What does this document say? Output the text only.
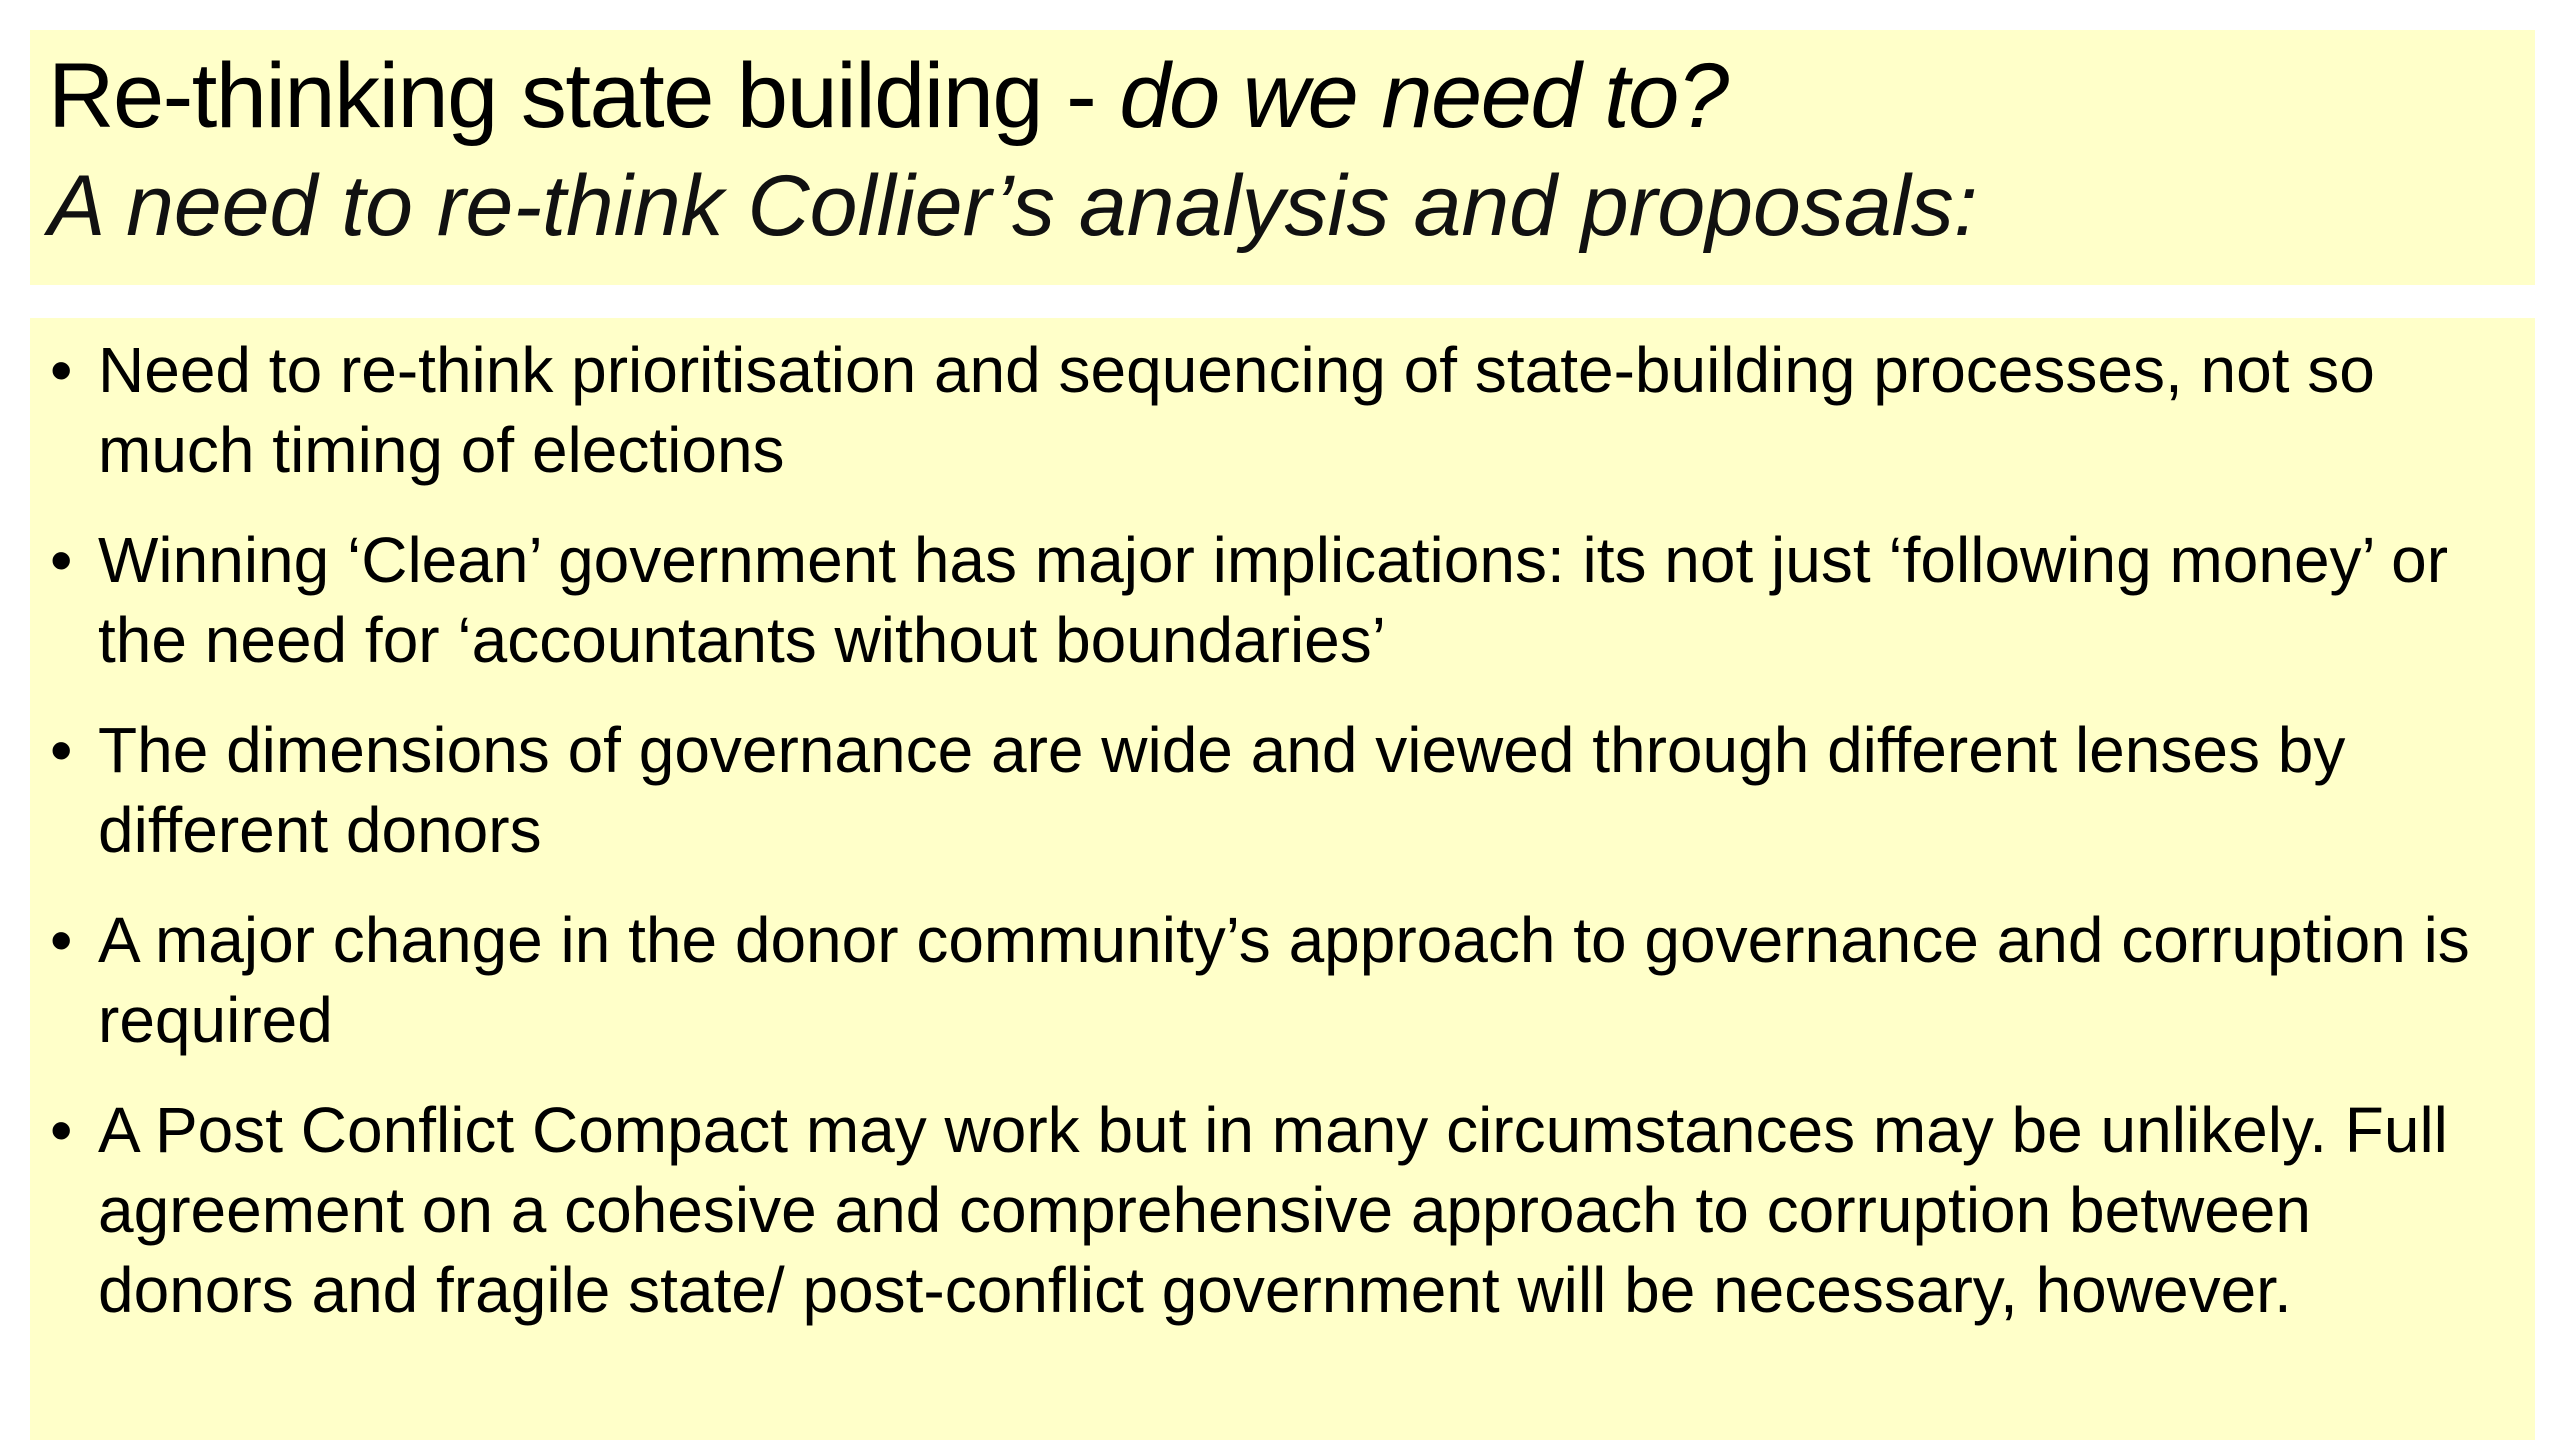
Re-thinking state building - do we need to?
A need to re-think Collier’s analysis and proposals:
• Need to re-think prioritisation and sequencing of state-building processes, not so much timing of elections
• Winning ‘Clean’ government has major implications: its not just ‘following money’ or the need for ‘accountants without boundaries’
• The dimensions of governance are wide and viewed through different lenses by different donors
• A major change in the donor community’s approach to governance and corruption is required
• A Post Conflict Compact may work but in many circumstances may be unlikely. Full agreement on a cohesive and comprehensive approach to corruption between donors and fragile state/ post-conflict government will be necessary, however.
